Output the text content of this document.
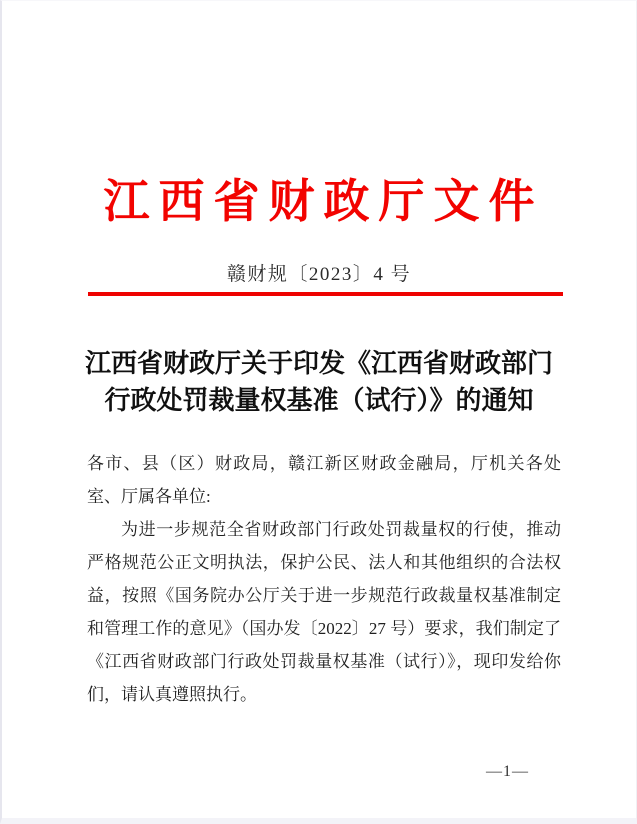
江西省财政厅文件
赣财规〔2023〕4 号
江西省财政厅关于印发《江西省财政部门
行政处罚裁量权基准（试行）》的通知

各市、县（区）财政局，赣江新区财政金融局，厅机关各处室、厅属各单位:

为进一步规范全省财政部门行政处罚裁量权的行使，推动严格规范公正文明执法，保护公民、法人和其他组织的合法权益，按照《国务院办公厅关于进一步规范行政裁量权基准制定和管理工作的意见》（国办发〔2022〕27 号）要求，我们制定了《江西省财政部门行政处罚裁量权基准（试行）》，现印发给你们，请认真遵照执行。

—1—
